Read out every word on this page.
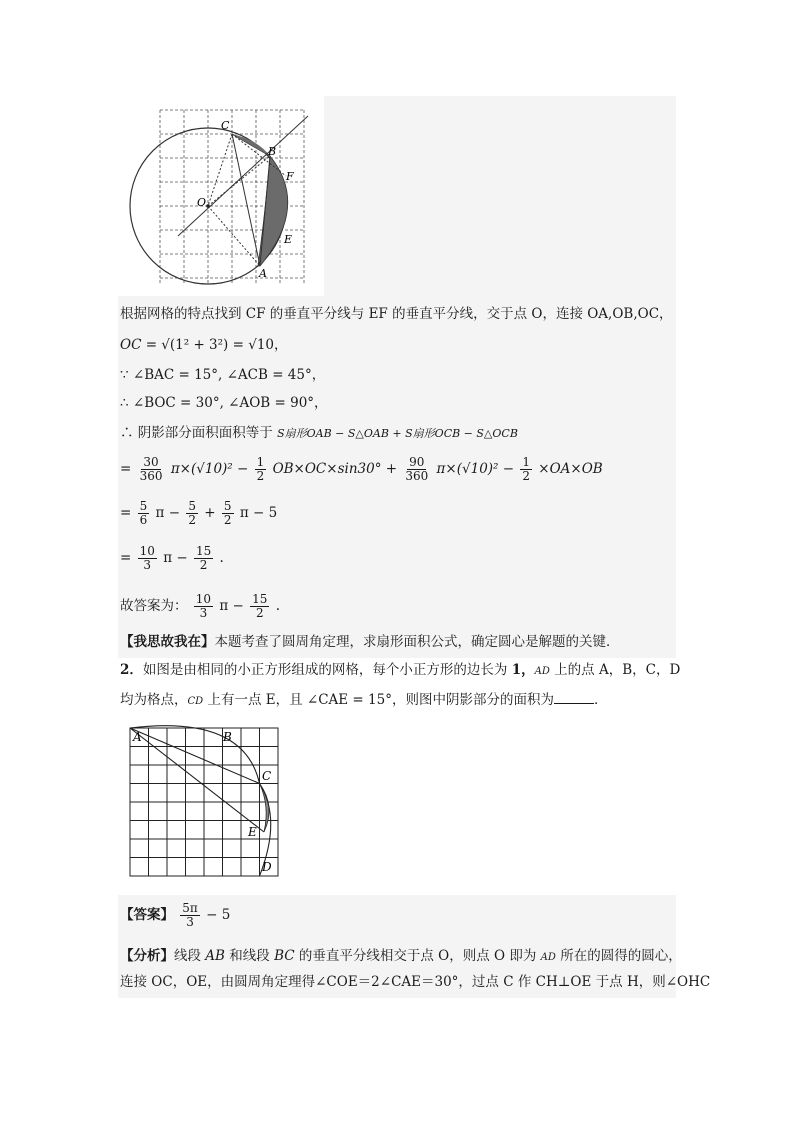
C
B
F
O
E
A
根据网格的特点找到 CF 的垂直平分线与 EF 的垂直平分线，交于点 O，连接 OA,OB,OC，
OC = √(1² + 3²) = √10，
∵ ∠BAC = 15°, ∠ACB = 45°，
∴ ∠BOC = 30°, ∠AOB = 90°，
∴ 阴影部分面积面积等于 S扇形OAB − S△OAB + S扇形OCB − S△OCB
= $\frac{30}{360} \pi\times(√10)^2 - \frac{1}{2} OB\times OC\times\sin 30^\circ + \frac{90}{360} \pi\times(√10)^2 - \frac{1}{2} \times OA\times OB$
= $\frac{5}{6}$ $\pi - \frac{5}{2} + \frac{5}{2}$ π − 5
= $\frac{10}{3}$ $\pi - \frac{15}{2}$ .
故答案为： $\frac{10}{3}$ $\pi - \frac{15}{2}$ .
【我思故我在】本题考查了圆周角定理，求扇形面积公式，确定圆心是解题的关键．
2．如图是由相同的小正方形组成的网格，每个小正方形的边长为 1，AD 上的点 A，B，C，D
均为格点，CD 上有一点 E，且 ∠CAE = 15°，则图中阴影部分的面积为	．
A	B
C
E
D
【答案】 $\frac{5\pi}{3} - 5$
【分析】线段 AB 和线段 BC 的垂直平分线相交于点 O，则点 O 即为 AD 所在的圆得的圆心，
连接 OC，OE，由圆周角定理得∠COE＝2∠CAE＝30°，过点 C 作 CH⊥OE 于点 H，则∠OHC
